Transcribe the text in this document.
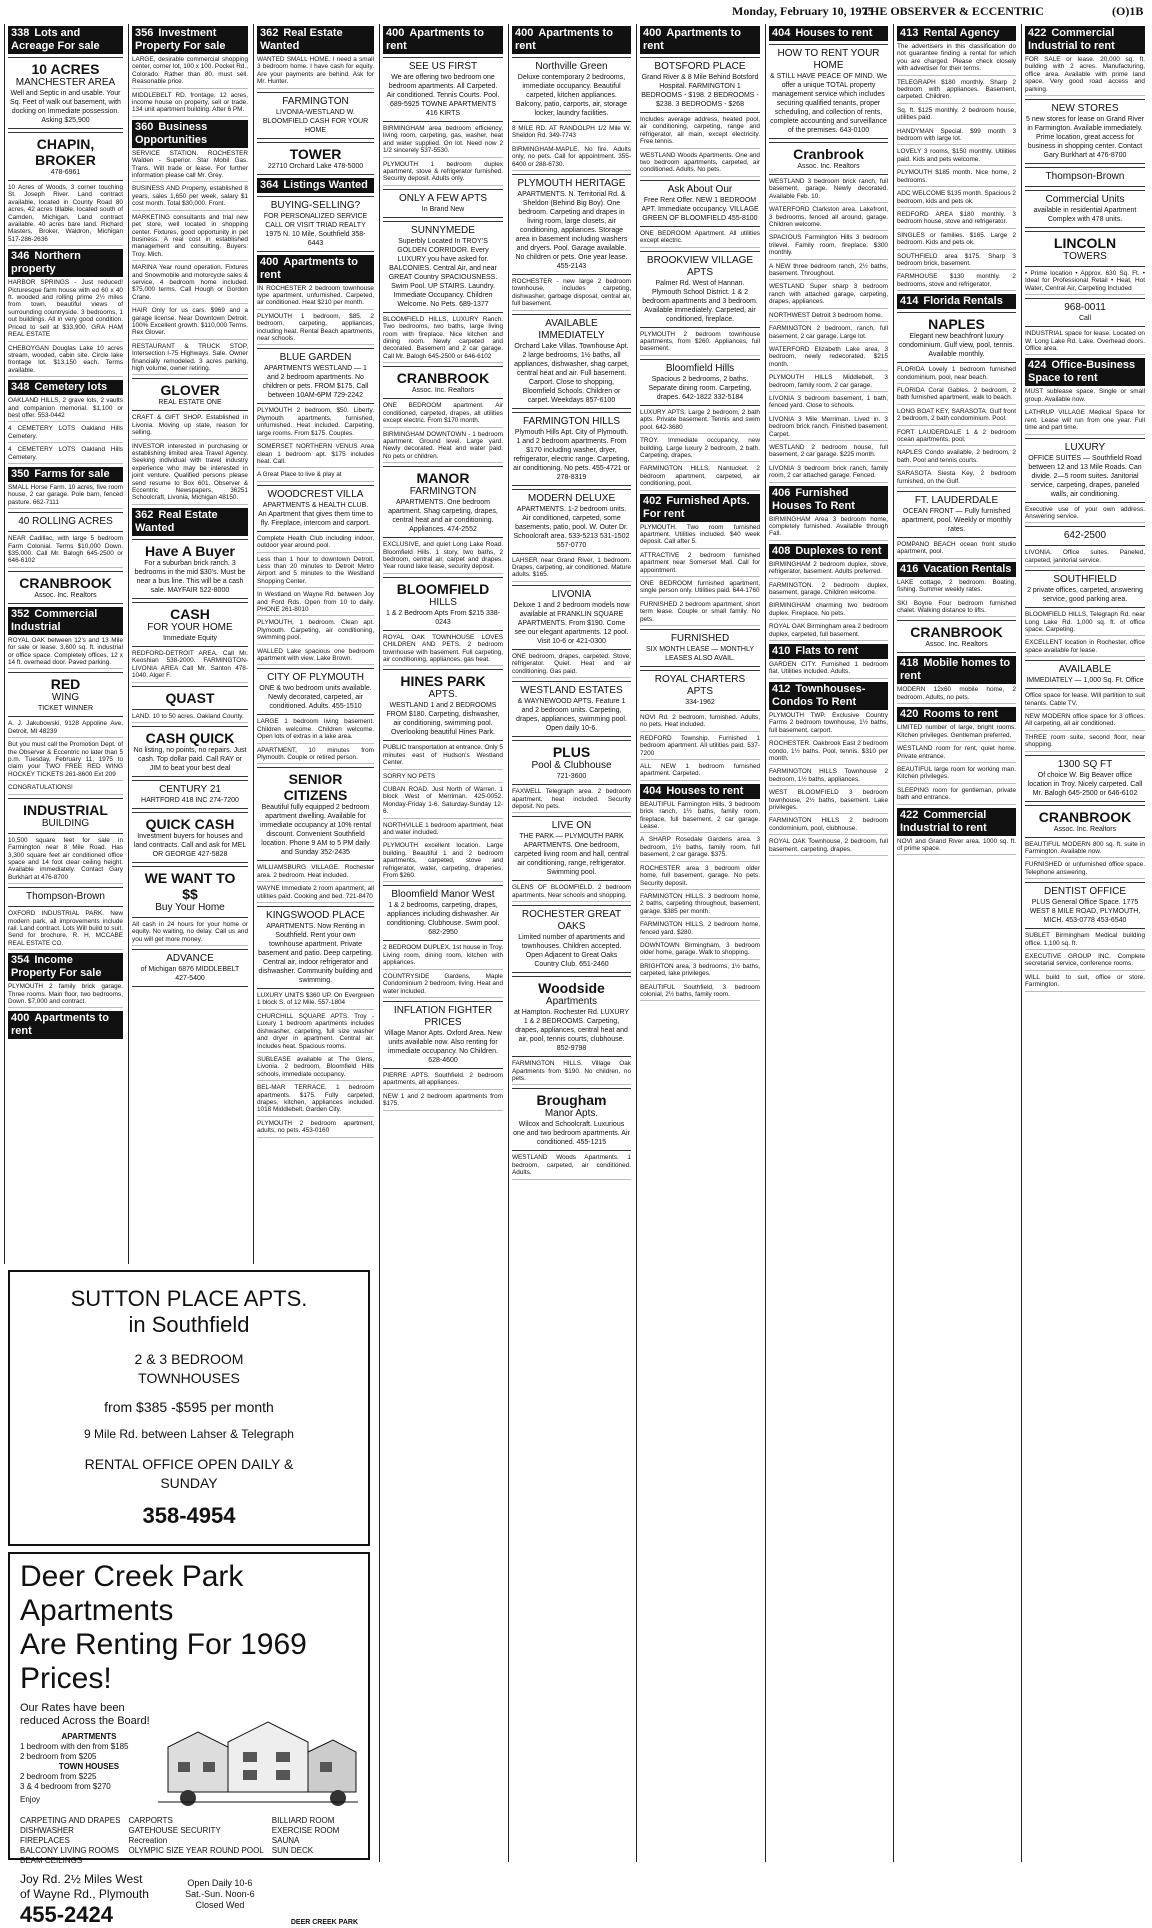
Monday, February 10, 1975
THE OBSERVER & ECCENTRIC	(O)1B
338 Lots and Acreage For sale
10 ACRES
MANCHESTER AREA
Well and Septic in and usable. Your Sq. Feet of walk out basement, with docking on Immediate possession. Asking $25,900
CHAPIN, BROKER
478-6961
10 Acres of Woods, 3 corner touching St. Joseph River. Land contract available, located in County Road 80 acres, 42 acres tillable, located south of Camden, Michigan. Land contract available. 40 acres bare land. Richard Masters, Broker, Waldron, Michigan 517-286-2636
346 Northern property
HARBOR SPRINGS - Just reduced! Picturesque farm house with ed 60 x 40 ft. wooded and rolling prime 2½ miles from town, beautiful views of surrounding countryside. 3 bedrooms, 1 out buildings. All in very good condition. Priced to sell at $33,900. GRA HAM REAL ESTATE
CHEBOYGAN Douglas Lake 10 acres stream, wooded, cabin site. Circle lake frontage lot. $13,150 each. Terms available.
348 Cemetery lots
OAKLAND HILLS, 2 grave lots, 2 vaults and companion memorial. $1,100 or best offer. 553-0442
4 CEMETERY LOTS Oakland Hills Cemetery.
4 CEMETERY LOTS Oakland Hills Cemetery.
350 Farms for sale
SMALL Horse Farm. 10 acres, five room house, 2 car garage. Pole barn, fenced pasture. 662-7111
40 ROLLING ACRES
NEAR Cadillac, with large 5 bedroom Farm Colonial. Terms $10,000 Down. $35,000. Call Mr. Balogh 645-2500 or 646-6102
CRANBROOK
Assoc. Inc. Realtors
352 Commercial Industrial
ROYAL OAK between 12’s and 13 Mile for sale or lease. 3,600 sq. ft. industrial or office space. Completely offices, 12 x 14 ft. overhead door. Paved parking.
RED
WING
TICKET WINNER
A. J. Jakubowski, 9128 Appoline Ave, Detroit, MI 48239
But you must call the Promotion Dept. of the Observer & Eccentric no later than 5 p.m. Tuesday, February 11, 1975 to claim your TWO FREE RED WING HOCKEY TICKETS 261-8600 Ext 209
CONGRATULATIONS!
INDUSTRIAL
BUILDING
10,500 square feet for sale in Farmington near 8 Mile Road. Has 3,300 square feet air conditioned office space and 14 foot clear ceiling height. Available immediately. Contact Gary Burkhart at 476-8700
Thompson-Brown
OXFORD INDUSTRIAL PARK. New modern park, all improvements include rail. Land contract. Lots Will build to suit. Send for brochure. R. H. MCCABE REAL ESTATE CO.
354 Income Property For sale
PLYMOUTH 2 family brick garage. Three rooms. Main floor, two bedrooms, Down. $7,000 and contract.
400 Apartments to rent
356 Investment Property For sale
LARGE, desirable commercial shopping center, corner lot, 100 x 100. Pocket Rd., Colorado. Rather than 80, must sell. Reasonable price.
MIDDLEBELT RD. frontage, 12 acres, income house on property, sell or trade. 134 unit apartment building. After 6 PM.
360 Business Opportunities
SERVICE STATION. ROCHESTER Walden - Superior. Star Mobil Gas. Trans. Will trade or lease. For further information please call Mr. Grey.
BUSINESS AND Property, established 8 years, sales 1,650 per week, salary $1 cost month. Total $30,000. Front.
MARKETING consultants and trial new pet store, well located in shopping center. Fixtures, good opportunity in pet business. A real cost in established management and consulting. Buyers: Troy. Mich.
MARINA Year round operation. Fixtures and Snowmobile and motorcycle sales & service, 4 bedroom home included. $75,000 terms. Call Hough or Gordon Crane.
HAIR Only for us cars. $969 and a garage license. Near Downtown Detroit. 100% Excellent growth. $110,000 Terms. Rex Glover.
RESTAURANT & TRUCK STOP, Intersection I-75 Highways. Sale. Owner financially remodeled. 3 acres parking, high volume, owner retiring.
GLOVER
REAL ESTATE ONE
CRAFT & GIFT SHOP. Established in Livonia. Moving up state, reason for selling.
INVESTOR interested in purchasing or establishing limited area Travel Agency. Seeking individual with travel industry experience who may be interested in joint venture. Qualified persons please send resume to Box 601, Observer & Eccentric Newspapers, 36251 Schoolcraft, Livonia, Michigan 48150.
362 Real Estate Wanted
Have A Buyer
For a suburban brick ranch. 3 bedrooms in the mid $30’s. Must be near a bus line. This will be a cash sale. MAYFAIR 522-8000
CASH
FOR YOUR HOME
Immediate Equity
REDFORD-DETROIT AREA. Call Mr. Keoshian 538-2000. FARMINGTON-LIVONIA AREA Call Mr. Santon 478-1040. Alger F.
QUAST
LAND. 10 to 50 acres. Oakland County.
CASH QUICK
No listing, no points, no repairs. Just cash. Top dollar paid. Call RAY or JIM to beat your best deal
CENTURY 21
HARTFORD 418 INC 274-7200
QUICK CASH
Investment buyers for houses and land contracts. Call and ask for MEL OR GEORGE 427-5828
WE WANT TO
$$
Buy Your Home
All cash in 24 hours for your home or equity. No waiting, no delay. Call us and you will get more money.
ADVANCE
of Michigan 6876 MIDDLEBELT 427-5400
362 Real Estate Wanted
WANTED SMALL HOME. I need a small 3 bedroom home. I have cash for equity. Are your payments are behind. Ask for Mr. Hunter.
FARMINGTON
LIVONIA-WESTLAND W. BLOOMFIELD CASH FOR YOUR HOME
TOWER
22710 Orchard Lake 478-5000
364 Listings Wanted
BUYING-SELLING?
FOR PERSONALIZED SERVICE CALL OR VISIT TRIAD REALTY 1975 N. 10 Mile, Southfield 358-6443
400 Apartments to rent
IN ROCHESTER 2 bedroom townhouse type apartment, unfurnished. Carpeted, air conditioned. Heat $210 per month.
PLYMOUTH 1 bedroom, $85. 2 bedroom, carpeting, appliances, including heat. Rental Beach apartments, near schools.
BLUE GARDEN
APARTMENTS WESTLAND — 1 and 2 bedroom apartments. No children or pets. FROM $175. Call between 10AM-6PM 729-2242
PLYMOUTH 2 bedroom, $50. Liberty. Plymouth apartments, furnished, unfurnished. Heat included. Carpeting, large rooms. From $175. Couples.
SOMERSET NORTHERN VENUS Area clean 1 bedroom apt. $175 includes heat. Call.
A Great Place to live & play at
WOODCREST VILLA
APARTMENTS & HEALTH CLUB. An Apartment that gives them time to fly. Fireplace, intercom and carport.
Complete Health Club including indoor, outdoor year around pool.
Less than 1 hour to downtown Detroit. Less than 20 minutes to Detroit Metro Airport and 5 minutes to the Westland Shopping Center.
In Westland on Wayne Rd. between Joy and Ford Rds. Open from 10 to daily. PHONE 261-8010
PLYMOUTH, 1 bedroom. Clean apt. Plymouth. Carpeting, air conditioning, swimming pool.
WALLED Lake spacious one bedroom apartment with view. Lake Brown.
CITY OF PLYMOUTH
ONE & two bedroom units available. Newly decorated, carpeted, air conditioned. Adults. 455-1510
LARGE 1 bedroom living basement. Children welcome. Children welcome. Open lots of extras in a lake area.
APARTMENT, 10 minutes from Plymouth. Couple or retired person.
SENIOR
CITIZENS
Beautiful fully equipped 2 bedroom apartment dwelling. Available for immediate occupancy at 10% rental discount. Convenient Southfield location. Phone 9 AM to 5 PM daily and Sunday 352-2435
WILLIAMSBURG VILLAGE. Rochester area. 2 bedroom. Heat included.
WAYNE Immediate 2 room apartment, all utilities paid. Cooking and bed. 721-8470
KINGSWOOD PLACE
APARTMENTS. Now Renting in Southfield. Rent your own townhouse apartment. Private basement and patio. Deep carpeting. Central air, indoor refrigerator and dishwasher. Community building and swimming.
LUXURY UNITS $360 UP. On Evergreen 1 block S. of 12 Mile. 557-1804
CHURCHILL SQUARE APTS. Troy - Luxury 1 bedroom apartments includes dishwasher, carpeting, full size washer and dryer in apartment. Central air. Includes heat. Spacious rooms.
SUBLEASE available at The Glens, Livonia. 2 bedroom, Bloomfield Hills schools, immediate occupancy.
BEL-MAR TERRACE. 1 bedroom apartments. $175. Fully carpeted, drapes, kitchen, appliances included. 1018 Middlebelt. Garden City.
PLYMOUTH 2 bedroom apartment, adults, no pets. 453-0160
400 Apartments to rent
SEE US FIRST
We are offering two bedroom one bedroom apartments. All Carpeted. Air conditioned. Tennis Courts. Pool. 689-5925 TOWNE APARTMENTS 416 KIRTS
BIRMINGHAM area bedroom efficiency, living room, carpeting, gas, washer, heat and water supplied. On lot. Need now 2 1/2 sincerely 537-5530.
PLYMOUTH 1 bedroom duplex apartment, stove & refrigerator furnished. Security deposit. Adults only.
ONLY A FEW APTS
In Brand New
SUNNYMEDE
Superbly Located In TROY’S GOLDEN CORRIDOR. Every LUXURY you have asked for. BALCONIES. Central Air, and near GREAT Country SPACIOUSNESS. Swim Pool. UP STAIRS. Laundry. Immediate Occupancy. Children Welcome. No Pets. 689-1377
BLOOMFIELD HILLS, LUXURY Ranch. Two bedrooms, two baths, large living room with fireplace. Nice kitchen and dining room. Newly carpeted and decorated. Basement and 2 car garage. Call Mr. Balogh 645-2500 or 646-6102
CRANBROOK
Assoc. Inc. Realtors
ONE BEDROOM apartment. Air conditioned, carpeted, drapes, all utilities except electric. From $170 month.
BIRMINGHAM DOWNTOWN - 1 bedroom apartment. Ground level. Large yard. Newly decorated. Heat and water paid. No pets or children.
MANOR
FARMINGTON
APARTMENTS. One bedroom apartment. Shag carpeting, drapes, central heat and air conditioning. Appliances. 474-2552
EXCLUSIVE, and quiet Long Lake Road. Bloomfield Hills. 1 story, two baths, 2 bedroom, central air, carpet and drapes. Year round lake lease, security deposit.
BLOOMFIELD
HILLS
1 & 2 Bedroom Apts From $215 338-0243
ROYAL OAK TOWNHOUSE LOVES CHILDREN AND PETS. 2 bedroom townhouse with basement. Full carpeting, air conditioning, appliances, gas heat.
HINES PARK
APTS.
WESTLAND 1 and 2 BEDROOMS FROM $180. Carpeting, dishwasher, air conditioning, swimming pool. Overlooking beautiful Hines Park.
PUBLIC transportation at entrance. Only 5 minutes east of Hudson’s Westland Center.
SORRY NO PETS
CUBAN ROAD. Just North of Warren. 1 block West of Merriman. 425-0052. Monday-Friday 1-6. Saturday-Sunday 12-6.
NORTHVILLE 1 bedroom apartment, heat and water included.
PLYMOUTH excellent location. Large building. Beautiful 1 and 2 bedroom apartments, carpeted, stove and refrigerator, water, carpeting, draperies. From $260.
Bloomfield Manor West
1 & 2 bedrooms, carpeting, drapes, appliances including dishwasher. Air conditioning. Clubhouse. Swim pool. 682-2950
2 BEDROOM DUPLEX, 1st house in Troy. Living room, dining room, kitchen with appliances.
COUNTRYSIDE Gardens, Maple Condominium 2 bedroom, living. Heat and water included.
INFLATION FIGHTER PRICES
Village Manor Apts. Oxford Area. New units available now. Also renting for immediate occupancy. No Children. 628-4600
PIERRE APTS. Southfield. 2 bedroom apartments, all appliances.
NEW 1 and 2 bedroom apartments from $175.
400 Apartments to rent
Northville Green
Deluxe contemporary 2 bedrooms, immediate occupancy. Beautiful carpeted, kitchen appliances. Balcony, patio, carports, air, storage locker, laundry facilities.
8 MILE RD. AT RANDOLPH 1/2 Mile W. Sheldon Rd. 349-7743
BIRMINGHAM-MAPLE. No fire. Adults only, no pets. Call for appointment. 355-6400 or 288-6730.
PLYMOUTH HERITAGE
APARTMENTS. N. Territorial Rd. & Sheldon (Behind Big Boy). One bedroom. Carpeting and drapes in living room, large closets, air conditioning, appliances. Storage area in basement including washers and dryers. Pool. Garage available. No children or pets. One year lease. 455-2143
ROCHESTER - new large 2 bedroom townhouse, includes carpeting, dishwasher, garbage disposal, central air, full basement.
AVAILABLE IMMEDIATELY
Orchard Lake Villas. Townhouse Apt. 2 large bedrooms, 1½ baths, all appliances, dishwasher, shag carpet, central heat and air. Full basement. Carport. Close to shopping, Bloomfield Schools. Children or carpet. Weekdays 857-6100
FARMINGTON HILLS
Plymouth Hills Apt. City of Plymouth. 1 and 2 bedroom apartments. From $170 including washer, dryer, refrigerator, electric range. Carpeting, air conditioning. No pets. 455-4721 or 278-8319
MODERN DELUXE
APARTMENTS. 1-2 bedroom units. Air conditioned, carpeted, some basements, patio, pool. W. Outer Dr. Schoolcraft area. 533-5213 531-1502 557-0770
LAHSER near Grand River, 1 bedroom. Drapes, carpeting, air conditioned. Mature adults. $165.
LIVONIA
Deluxe 1 and 2 bedroom models now available at FRANKLIN SQUARE APARTMENTS. From $190. Come see our elegant apartments. 12 pool. Visit 10-6 or 421-0300
ONE bedroom, drapes, carpeted. Stove, refrigerator. Quiet. Heat and air conditioning. Gas paid.
WESTLAND ESTATES
& WAYNEWOOD APTS. Feature 1 and 2 bedroom units. Carpeting, drapes, appliances, swimming pool. Open daily 10-6.
PLUS
Pool & Clubhouse
721-3600
FAXWELL Telegraph area. 2 bedroom apartment, heat included. Security deposit. No pets.
LIVE ON
THE PARK — PLYMOUTH PARK APARTMENTS. One bedroom, carpeted living room and hall, central air conditioning, range, refrigerator. Swimming pool.
GLENS OF BLOOMFIELD. 2 bedroom apartments. Near schools and shopping.
ROCHESTER GREAT OAKS
Limited number of apartments and townhouses. Children accepted. Open Adjacent to Great Oaks Country Club. 651-2460
Woodside
Apartments
at Hampton. Rochester Rd. LUXURY 1 & 2 BEDROOMS. Carpeting, drapes, appliances, central heat and air, pool, tennis courts, clubhouse. 852-9798
FARMINGTON HILLS. Village Oak Apartments from $190. No children, no pets.
Brougham
Manor Apts.
Wilcox and Schoolcraft. Luxurious one and two bedroom apartments. Air conditioned. 455-1215
WESTLAND Woods Apartments. 1 bedroom, carpeted, air conditioned. Adults.
400 Apartments to rent
BOTSFORD PLACE
Grand River & 8 Mile Behind Botsford Hospital. FARMINGTON 1 BEDROOMS - $198. 2 BEDROOMS - $238. 3 BEDROOMS - $268
Includes average address, heated pool, air conditioning, carpeting, range and refrigerator, all main, except electricity. Free tennis.
WESTLAND Woods Apartments. One and two bedroom apartments, carpeted, air conditioned. Adults. No pets.
Ask About Our
Free Rent Offer. NEW 1 BEDROOM APT. Immediate occupancy. VILLAGE GREEN OF BLOOMFIELD 455-8100
ONE BEDROOM Apartment. All utilities except electric.
BROOKVIEW VILLAGE APTS
Palmer Rd. West of Hannan. Plymouth School District. 1 & 2 bedroom apartments and 3 bedroom. Available immediately. Carpeted, air conditioned, fireplace.
PLYMOUTH 2 bedroom townhouse apartments, from $260. Appliances, full basement.
Bloomfield Hills
Spacious 2 bedrooms, 2 baths. Separate dining room. Carpeting, drapes. 642-1822 332-5184
LUXURY APTS. Large 2 bedroom, 2 bath apts. Private basement. Tennis and swim pool. 642-3680
TROY. Immediate occupancy, new building. Large luxury 2 bedroom, 2 bath. Carpeting, drapes.
FARMINGTON HILLS. Nantucket. 2 bedroom apartment, carpeted, air conditioning, pool.
402 Furnished Apts. For rent
PLYMOUTH. Two room furnished apartment. Utilities included. $40 week deposit. Call after 5.
ATTRACTIVE 2 bedroom furnished apartment near Somerset Mall. Call for appointment.
ONE BEDROOM furnished apartment, single person only. Utilities paid. 644-1760
FURNISHED 2 bedroom apartment, short term lease. Couple or small family. No pets.
FURNISHED
SIX MONTH LEASE — MONTHLY LEASES ALSO AVAIL.
ROYAL CHARTERS APTS
334-1962
NOVI Rd. 2 bedroom, furnished. Adults, no pets. Heat included.
REDFORD Township. Furnished 1 bedroom apartment. All utilities paid. 537-7200
ALL NEW 1 bedroom furnished apartment. Carpeted.
404 Houses to rent
BEAUTIFUL Farmington Hills, 3 bedroom brick ranch, 1½ baths, family room, fireplace, full basement, 2 car garage. Lease.
A SHARP Rosedale Gardens area. 3 bedroom, 1½ baths, family room, full basement, 2 car garage. $375.
ROCHESTER area 3 bedroom older home, full basement, garage. No pets. Security deposit.
FARMINGTON HILLS. 3 bedroom home, 2 baths, carpeting throughout, basement, garage. $385 per month.
FARMINGTON HILLS. 2 bedroom home, fenced yard. $280.
DOWNTOWN Birmingham, 3 bedroom older home, garage. Walk to shopping.
BRIGHTON area, 3 bedrooms, 1½ baths, carpeted, lake privileges.
BEAUTIFUL Southfield, 3 bedroom colonial, 2½ baths, family room.
404 Houses to rent
HOW TO RENT YOUR HOME
& STILL HAVE PEACE OF MIND. We offer a unique TOTAL property management service which includes securing qualified tenants, proper scheduling, and collection of rents, complete accounting and surveillance of the premises. 643-0100
Cranbrook
Assoc. Inc. Realtors
WESTLAND 3 bedroom brick ranch, full basement, garage. Newly decorated. Available Feb. 10.
WATERFORD Clarkston area. Lakefront, 3 bedrooms, fenced all around, garage. Children welcome.
SPACIOUS Farmington Hills 3 bedroom trilevel. Family room, fireplace. $300 monthly.
A NEW three bedroom ranch, 2½ baths, basement. Throughout.
WESTLAND Super sharp 3 bedroom ranch with attached garage, carpeting, drapes, appliances.
NORTHWEST Detroit 3 bedroom home.
FARMINGTON 2 bedroom, ranch, full basement, 2 car garage. Large lot.
WATERFORD Elizabeth Lake area, 3 bedroom, newly redecorated. $215 month.
PLYMOUTH HILLS Middlebelt, 3 bedroom, family room. 2 car garage.
LIVONIA 3 bedroom basement, 1 bath, fenced yard. Close to schools.
LIVONIA 3 Mile Merriman. Lived in. 3 bedroom brick ranch. Finished basement. Carpet.
WESTLAND 2 bedroom house, full basement, 2 car garage. $225 month.
LIVONIA 3 bedroom brick ranch, family room, 2 car attached garage. Fenced.
406 Furnished Houses To Rent
BIRMINGHAM Area 3 bedroom home, completely furnished. Available through Fall.
408 Duplexes to rent
BIRMINGHAM 2 bedroom duplex, stove, refrigerator, basement. Adults preferred.
FARMINGTON. 2 bedroom duplex, basement, garage. Children welcome.
BIRMINGHAM charming two bedroom duplex. Fireplace. No pets.
ROYAL OAK Birmingham area 2 bedroom duplex, carpeted, full basement.
410 Flats to rent
GARDEN CITY. Furnished 1 bedroom flat. Utilities included. Adults.
412 Townhouses-Condos To Rent
PLYMOUTH TWP. Exclusive Country Farms 2 bedroom townhouse, 1½ baths, full basement, carport.
ROCHESTER. Oakbrook East 2 bedroom condo, 1½ baths. Pool, tennis. $310 per month.
FARMINGTON HILLS Townhouse 2 bedroom, 1½ baths, appliances.
WEST BLOOMFIELD 3 bedroom townhouse, 2½ baths, basement. Lake privileges.
FARMINGTON HILLS 2 bedroom condominium, pool, clubhouse.
ROYAL OAK Townhouse, 2 bedroom, full basement, carpeting, drapes.
413 Rental Agency
The advertisers in this classification do not guarantee finding a rental for which you are charged. Please check closely with advertiser for their terms.
TELEGRAPH $180 monthly. Sharp 2 bedroom with appliances. Basement, carpeted. Children.
Sq. ft. $125 monthly. 2 bedroom house, utilities paid.
HANDYMAN Special. $99 month 3 bedroom with large lot.
LOVELY 3 rooms, $150 monthly. Utilities paid. Kids and pets welcome.
PLYMOUTH $185 month. Nice home, 2 bedrooms.
ADC WELCOME $135 month. Spacious 2 bedroom, kids and pets ok.
REDFORD AREA $180 monthly. 3 bedroom house, stove and refrigerator.
SINGLES or families. $165. Large 2 bedroom. Kids and pets ok.
SOUTHFIELD area $175. Sharp 3 bedroom brick, basement.
FARMHOUSE $130 monthly. 2 bedrooms, stove and refrigerator.
414 Florida Rentals
NAPLES
Elegant new beachfront luxury condominium. Gulf view, pool, tennis. Available monthly.
FLORIDA Lovely 1 bedroom furnished condominium, pool, near beach.
FLORIDA Coral Gables. 2 bedroom, 2 bath furnished apartment, walk to beach.
LONG BOAT KEY, SARASOTA. Gulf front 2 bedroom, 2 bath condominium. Pool.
FORT LAUDERDALE 1 & 2 bedroom ocean apartments, pool.
NAPLES Condo available, 2 bedroom, 2 bath. Pool and tennis courts.
SARASOTA Siesta Key, 2 bedroom furnished, on the Gulf.
FT. LAUDERDALE
OCEAN FRONT — Fully furnished apartment, pool. Weekly or monthly rates.
POMPANO BEACH ocean front studio apartment, pool.
416 Vacation Rentals
LAKE cottage, 2 bedroom. Boating, fishing. Summer weekly rates.
SKI Boyne Four bedroom furnished chalet. Walking distance to lifts.
CRANBROOK
Assoc. Inc. Realtors
418 Mobile homes to rent
MODERN 12x60 mobile home, 2 bedroom. Adults, no pets.
420 Rooms to rent
LIMITED number of large, bright rooms. Kitchen privileges. Gentleman preferred.
WESTLAND room for rent, quiet home. Private entrance.
BEAUTIFUL large room for working man. Kitchen privileges.
SLEEPING room for gentleman, private bath and entrance.
422 Commercial Industrial to rent
NOVI and Grand River area. 1000 sq. ft. of prime space.
422 Commercial Industrial to rent
FOR SALE or lease. 20,000 sq. ft. building with 2 acres. Manufacturing, office area. Available with prime land space. Very good road access and parking.
NEW STORES
5 new stores for lease on Grand River in Farmington. Available immediately. Prime location, great access for business in shopping center. Contact Gary Burkhart at 476-8700
Thompson-Brown
Commercial Units
available in residential Apartment Complex with 478 units.
LINCOLN
TOWERS
• Prime location • Approx. 630 Sq. Ft. • Ideal for Professional Retail • Heat, Hot Water, Central Air, Carpeting Included
968-0011
Call
INDUSTRIAL space for lease. Located on W. Long Lake Rd. Lake. Overhead doors. Office area.
424 Office-Business Space to rent
MUST sublease space. Single or small group. Available now.
LATHRUP VILLAGE Medical Space for rent. Lease will run from one year. Full time and part time.
LUXURY
OFFICE SUITES — Southfield Road between 12 and 13 Mile Roads. Can divide. 2—5 room suites. Janitorial service, carpeting, drapes, paneled walls, air conditioning.
Executive use of your own address. Answering service.
642-2500
LIVONIA. Office suites. Paneled, carpeted, janitorial service.
SOUTHFIELD
2 private offices, carpeted, answering service, good parking area.
BLOOMFIELD HILLS, Telegraph Rd. near Long Lake Rd. 1,000 sq. ft. of office space. Carpeting.
EXCELLENT location in Rochester, office space available for lease.
AVAILABLE
IMMEDIATELY — 1,000 Sq. Ft. Office
Office space for lease. Will partition to suit tenants. Cable TV.
NEW MODERN office space for 3 offices. All carpeting, all air conditioned.
THREE room suite, second floor, near shopping.
1300 SQ FT
Of choice W. Big Beaver office location in Troy. Nicely carpeted. Call Mr. Balogh 645-2500 or 646-6102
CRANBROOK
Assoc. Inc. Realtors
BEAUTIFUL MODERN 800 sq. ft. suite in Farmington. Available now.
FURNISHED or unfurnished office space. Telephone answering.
DENTIST OFFICE
PLUS General Office Space. 1775 WEST 8 MILE ROAD, PLYMOUTH, MICH. 453-0778 453-6540
SUBLET Birmingham Medical building office. 1,100 sq. ft.
EXECUTIVE GROUP INC. Complete secretarial service, conference rooms.
WILL build to suit, office or store. Farmington.
SUTTON PLACE APTS.
in Southfield
2 & 3 BEDROOM
TOWNHOUSES
from $385 -$595 per month
9 Mile Rd. between Lahser & Telegraph
RENTAL OFFICE OPEN DAILY &
SUNDAY
358-4954
Deer Creek Park Apartments
Are Renting For 1969 Prices!
Our Rates have been reduced Across the Board!
APARTMENTS
1 bedroom with den from $185
2 bedroom from $205
TOWN HOUSES
2 bedroom from $225
3 & 4 bedroom from $270
Enjoy
CARPETING AND DRAPES
DISHWASHER
FIREPLACES
BALCONY LIVING ROOMS
BEAM CEILINGS
CARPORTS
GATEHOUSE SECURITY
Recreation
OLYMPIC SIZE YEAR ROUND POOL
BILLIARD ROOM
EXERCISE ROOM
SAUNA
SUN DECK
Joy Rd. 2½ Miles West
of Wayne Rd., Plymouth
455-2424
Open Daily 10-6
Sat.-Sun. Noon-6
Closed Wed
DEER CREEK PARK
